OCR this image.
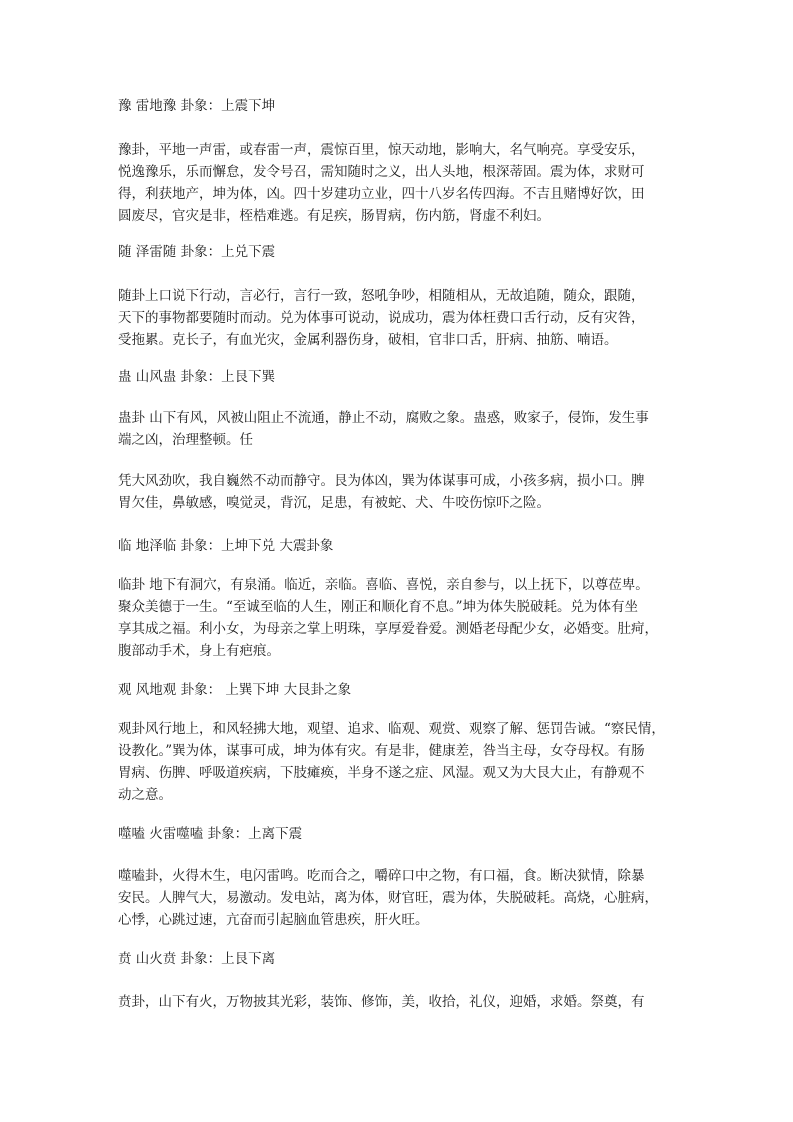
豫 雷地豫 卦象：上震下坤
豫卦，平地一声雷，或春雷一声，震惊百里，惊天动地，影响大，名气响亮。享受安乐，
悦逸豫乐，乐而懈怠，发令号召，需知随时之义，出人头地，根深蒂固。震为体，求财可
得，利获地产，坤为体，凶。四十岁建功立业，四十八岁名传四海。不吉且赌博好饮，田
圆废尽，官灾是非，桎梏难逃。有足疾，肠胃病，伤内筋，肾虚不利妇。
随 泽雷随 卦象：上兑下震
随卦上口说下行动，言必行，言行一致，怒吼争吵，相随相从，无故追随，随众，跟随，
天下的事物都要随时而动。兑为体事可说动，说成功，震为体枉费口舌行动，反有灾咎，
受拖累。克长子，有血光灾，金属利器伤身，破相，官非口舌，肝病、抽筋、喃语。
蛊 山风蛊 卦象：上艮下巽
蛊卦 山下有风，风被山阻止不流通，静止不动，腐败之象。蛊惑，败家子，侵饰，发生事
端之凶，治理整顿。任
凭大风劲吹，我自巍然不动而静守。艮为体凶，巽为体谋事可成，小孩多病，损小口。脾
胃欠佳，鼻敏感，嗅觉灵，背沉，足患，有被蛇、犬、牛咬伤惊吓之险。
临 地泽临 卦象：上坤下兑 大震卦象
临卦 地下有洞穴，有泉涌。临近，亲临。喜临、喜悦，亲自参与，以上抚下，以尊莅卑。
聚众美德于一生。“至诚至临的人生，刚正和顺化育不息。”坤为体失脱破耗。兑为体有坐
享其成之福。利小女，为母亲之掌上明珠，享厚爱眷爱。测婚老母配少女，必婚变。肚疴，
腹部动手术，身上有疤痕。
观 风地观 卦象： 上巽下坤 大艮卦之象
观卦风行地上，和风轻拂大地，观望、追求、临观、观赏、观察了解、惩罚告诫。“察民情，
设教化。”巽为体，谋事可成，坤为体有灾。有是非，健康差，咎当主母，女夺母权。有肠
胃病、伤脾、呼吸道疾病，下肢瘫痪，半身不遂之症、风湿。观又为大艮大止，有静观不
动之意。
噬嗑 火雷噬嗑 卦象：上离下震
噬嗑卦，火得木生，电闪雷鸣。吃而合之，嚼碎口中之物，有口福，食。断决狱情，除暴
安民。人脾气大，易激动。发电站，离为体，财官旺，震为体，失脱破耗。高烧，心脏病，
心悸，心跳过速，亢奋而引起脑血管患疾，肝火旺。
贲 山火贲 卦象：上艮下离
贲卦，山下有火，万物披其光彩，装饰、修饰，美，收拾，礼仪，迎婚，求婚。祭奠，有
